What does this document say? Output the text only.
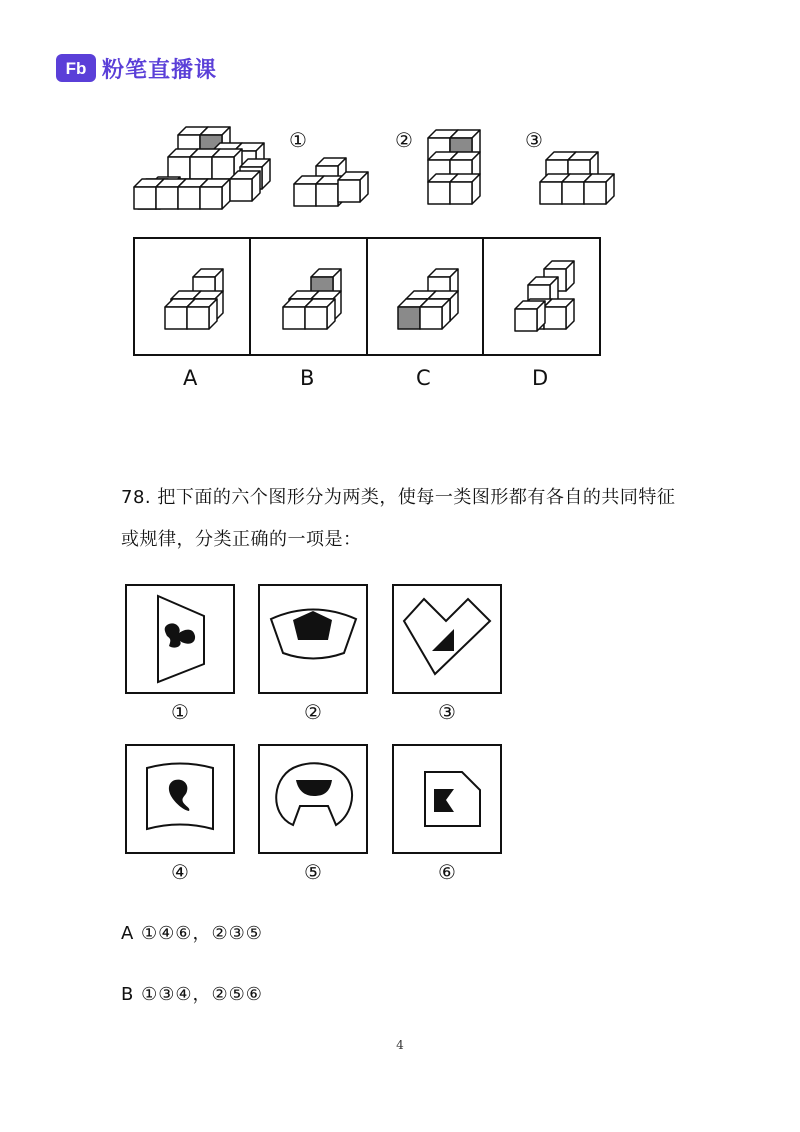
Fb 粉笔直播课
①	②	③
A	B	C	D
78. 把下面的六个图形分为两类，使每一类图形都有各自的共同特征
或规律，分类正确的一项是：
①	②	③
④	⑤	⑥
A ①④⑥，②③⑤
B ①③④，②⑤⑥
4
